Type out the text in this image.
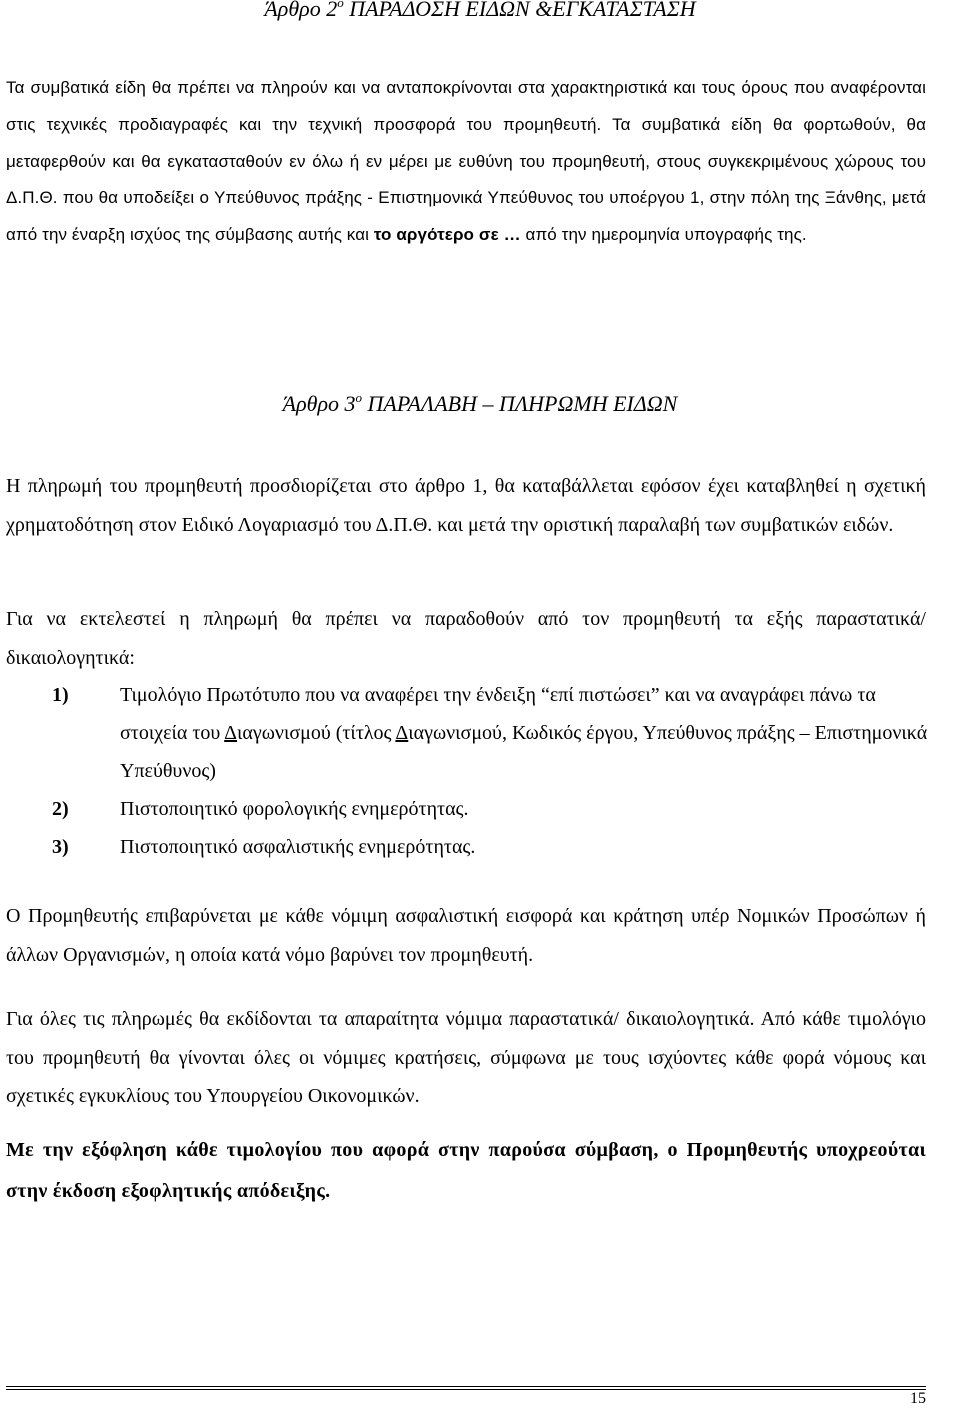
Άρθρο $2^o$ ΠΑΡΑΔΟΣΗ ΕΙΔΩΝ &ΕΓΚΑΤΑΣΤΑΣΗ

Τα συμβατικά είδη θα πρέπει να πληρούν και να ανταποκρίνονται στα χαρακτηριστικά και τους όρους που αναφέρονται στις τεχνικές προδιαγραφές και την τεχνική προσφορά του προμηθευτή. Τα συμβατικά είδη θα φορτωθούν, θα μεταφερθούν και θα εγκατασταθούν εν όλω ή εν μέρει με ευθύνη του προμηθευτή, στους συγκεκριμένους χώρους του Δ.Π.Θ. που θα υποδείξει ο Υπεύθυνος πράξης - Επιστημονικά Υπεύθυνος του υποέργου 1, στην πόλη της Ξάνθης, μετά από την έναρξη ισχύος της σύμβασης αυτής και το αργότερο σε … από την ημερομηνία υπογραφής της.

Άρθρο $3^o$ ΠΑΡΑΛΑΒΗ – ΠΛΗΡΩΜΗ ΕΙΔΩΝ

Η πληρωμή του προμηθευτή προσδιορίζεται στο άρθρο 1, θα καταβάλλεται εφόσον έχει καταβληθεί η σχετική χρηματοδότηση στον Ειδικό Λογαριασμό του Δ.Π.Θ. και μετά την οριστική παραλαβή των συμβατικών ειδών.

Για να εκτελεστεί η πληρωμή θα πρέπει να παραδοθούν από τον προμηθευτή τα εξής παραστατικά/ δικαιολογητικά:

1)	Τιμολόγιο Πρωτότυπο που να αναφέρει την ένδειξη “επί πιστώσει” και να αναγράφει πάνω τα στοιχεία του Διαγωνισμού (τίτλος Διαγωνισμού, Κωδικός έργου, Υπεύθυνος πράξης – Επιστημονικά Υπεύθυνος)
2)	Πιστοποιητικό φορολογικής ενημερότητας.
3)	Πιστοποιητικό ασφαλιστικής ενημερότητας.

Ο Προμηθευτής επιβαρύνεται με κάθε νόμιμη ασφαλιστική εισφορά και κράτηση υπέρ Νομικών Προσώπων ή άλλων Οργανισμών, η οποία κατά νόμο βαρύνει τον προμηθευτή.

Για όλες τις πληρωμές θα εκδίδονται τα απαραίτητα νόμιμα παραστατικά/ δικαιολογητικά. Από κάθε τιμολόγιο του προμηθευτή θα γίνονται όλες οι νόμιμες κρατήσεις, σύμφωνα με τους ισχύοντες κάθε φορά νόμους και σχετικές εγκυκλίους του Υπουργείου Οικονομικών.

Με την εξόφληση κάθε τιμολογίου που αφορά στην παρούσα σύμβαση, ο Προμηθευτής υποχρεούται στην έκδοση εξοφλητικής απόδειξης.

15
